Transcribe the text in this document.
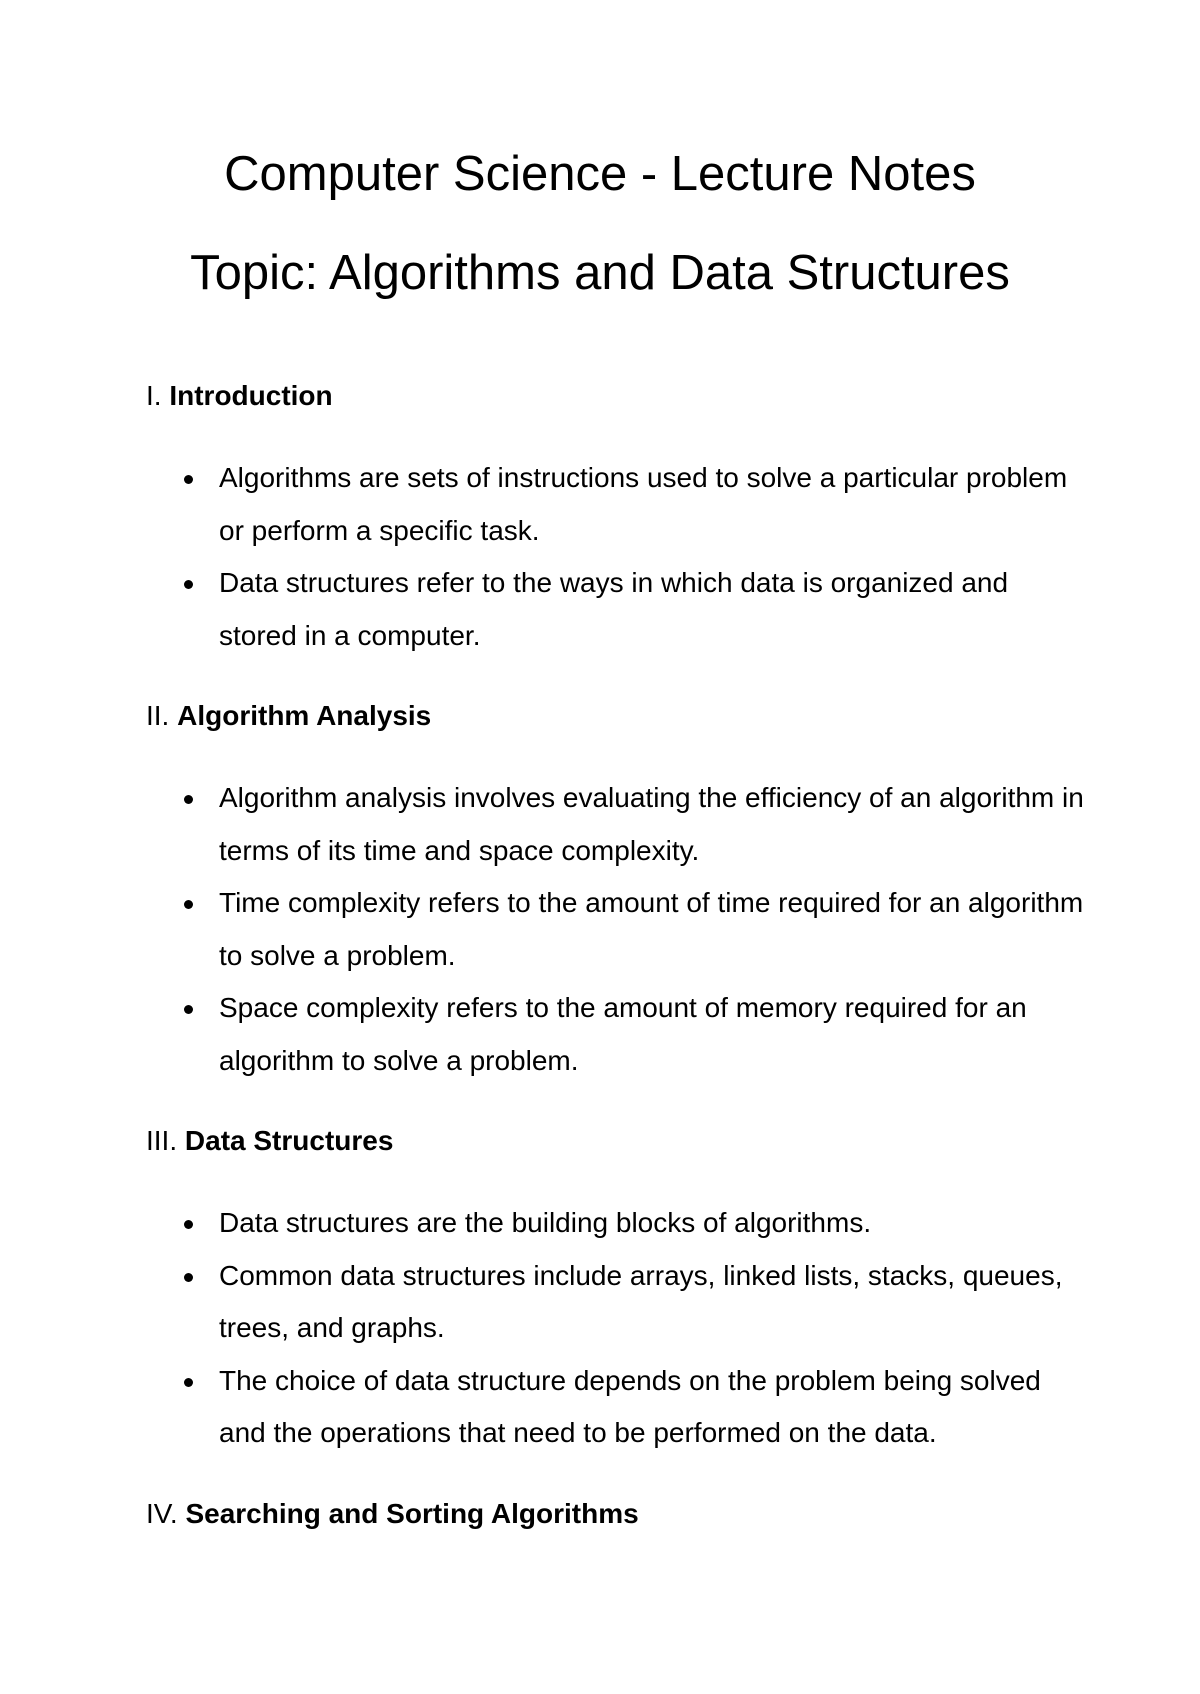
Computer Science - Lecture Notes
Topic: Algorithms and Data Structures
I. Introduction
Algorithms are sets of instructions used to solve a particular problem or perform a specific task.
Data structures refer to the ways in which data is organized and stored in a computer.
II. Algorithm Analysis
Algorithm analysis involves evaluating the efficiency of an algorithm in terms of its time and space complexity.
Time complexity refers to the amount of time required for an algorithm to solve a problem.
Space complexity refers to the amount of memory required for an algorithm to solve a problem.
III. Data Structures
Data structures are the building blocks of algorithms.
Common data structures include arrays, linked lists, stacks, queues, trees, and graphs.
The choice of data structure depends on the problem being solved and the operations that need to be performed on the data.
IV. Searching and Sorting Algorithms
